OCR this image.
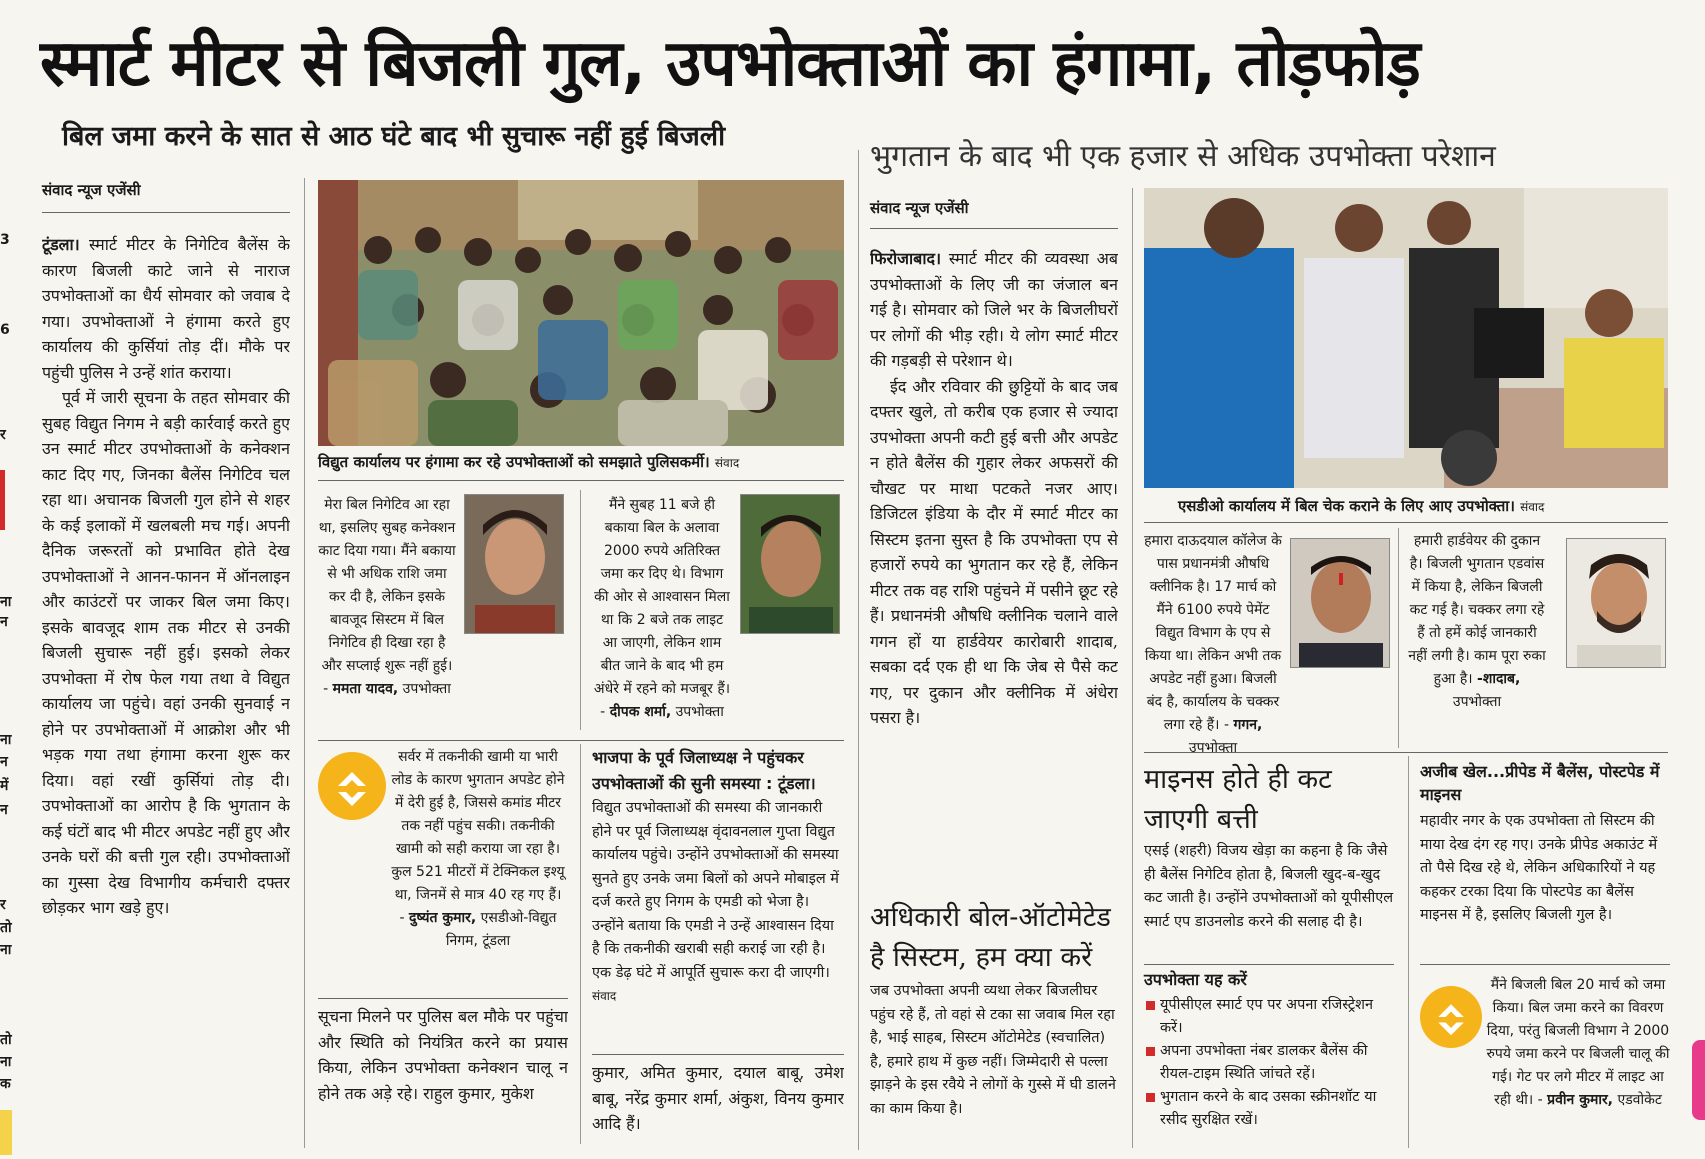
स्मार्ट मीटर से बिजली गुल, उपभोक्ताओं का हंगामा, तोड़फोड़
बिल जमा करने के सात से आठ घंटे बाद भी सुचारू नहीं हुई बिजली
भुगतान के बाद भी एक हजार से अधिक उपभोक्ता परेशान
3
6
र
ना
न
ना
न
में
न
र
तो
ना
तो
ना
क
संवाद न्यूज एजेंसी

टूंडला। स्मार्ट मीटर के निगेटिव बैलेंस के कारण बिजली काटे जाने से नाराज उपभोक्ताओं का धैर्य सोमवार को जवाब दे गया। उपभोक्ताओं ने हंगामा करते हुए कार्यालय की कुर्सियां तोड़ दीं। मौके पर पहुंची पुलिस ने उन्हें शांत कराया।

पूर्व में जारी सूचना के तहत सोमवार की सुबह विद्युत निगम ने बड़ी कार्रवाई करते हुए उन स्मार्ट मीटर उपभोक्ताओं के कनेक्शन काट दिए गए, जिनका बैलेंस निगेटिव चल रहा था। अचानक बिजली गुल होने से शहर के कई इलाकों में खलबली मच गई। अपनी दैनिक जरूरतों को प्रभावित होते देख उपभोक्ताओं ने आनन-फानन में ऑनलाइन और काउंटरों पर जाकर बिल जमा किए। इसके बावजूद शाम तक मीटर से उनकी बिजली सुचारू नहीं हुई। इसको लेकर उपभोक्ता में रोष फेल गया तथा वे विद्युत कार्यालय जा पहुंचे। वहां उनकी सुनवाई न होने पर उपभोक्ताओं में आक्रोश और भी भड़क गया तथा हंगामा करना शुरू कर दिया। वहां रखीं कुर्सियां तोड़ दी। उपभोक्ताओं का आरोप है कि भुगतान के कई घंटों बाद भी मीटर अपडेट नहीं हुए और उनके घरों की बत्ती गुल रही। उपभोक्ताओं का गुस्सा देख विभागीय कर्मचारी दफ्तर छोड़कर भाग खड़े हुए।

विद्युत कार्यालय पर हंगामा कर रहे उपभोक्ताओं को समझाते पुलिसकर्मी। संवाद
मेरा बिल निगेटिव आ रहा था, इसलिए सुबह कनेक्शन काट दिया गया। मैंने बकाया से भी अधिक राशि जमा कर दी है, लेकिन इसके बावजूद सिस्टम में बिल निगेटिव ही दिखा रहा है और सप्लाई शुरू नहीं हुई। - ममता यादव, उपभोक्ता
मैंने सुबह 11 बजे ही बकाया बिल के अलावा 2000 रुपये अतिरिक्त जमा कर दिए थे। विभाग की ओर से आश्वासन मिला था कि 2 बजे तक लाइट आ जाएगी, लेकिन शाम बीत जाने के बाद भी हम अंधेरे में रहने को मजबूर हैं। - दीपक शर्मा, उपभोक्ता
सर्वर में तकनीकी खामी या भारी लोड के कारण भुगतान अपडेट होने में देरी हुई है, जिससे कमांड मीटर तक नहीं पहुंच सकी। तकनीकी खामी को सही कराया जा रहा है। कुल 521 मीटरों में टेक्निकल इश्यू था, जिनमें से मात्र 40 रह गए हैं। - दुष्यंत कुमार, एसडीओ-विद्युत निगम, टूंडला
सूचना मिलने पर पुलिस बल मौके पर पहुंचा और स्थिति को नियंत्रित करने का प्रयास किया, लेकिन उपभोक्ता कनेक्शन चालू न होने तक अड़े रहे। राहुल कुमार, मुकेश
भाजपा के पूर्व जिलाध्यक्ष ने पहुंचकर उपभोक्ताओं की सुनी समस्या : टूंडला। विद्युत उपभोक्ताओं की समस्या की जानकारी होने पर पूर्व जिलाध्यक्ष वृंदावनलाल गुप्ता विद्युत कार्यालय पहुंचे। उन्होंने उपभोक्ताओं की समस्या सुनते हुए उनके जमा बिलों को अपने मोबाइल में दर्ज करते हुए निगम के एमडी को भेजा है। उन्होंने बताया कि एमडी ने उन्हें आश्वासन दिया है कि तकनीकी खराबी सही कराई जा रही है। एक डेढ़ घंटे में आपूर्ति सुचारू करा दी जाएगी। संवाद
कुमार, अमित कुमार, दयाल बाबू, उमेश बाबू, नरेंद्र कुमार शर्मा, अंकुश, विनय कुमार आदि हैं।
संवाद न्यूज एजेंसी

फिरोजाबाद। स्मार्ट मीटर की व्यवस्था अब उपभोक्ताओं के लिए जी का जंजाल बन गई है। सोमवार को जिले भर के बिजलीघरों पर लोगों की भीड़ रही। ये लोग स्मार्ट मीटर की गड़बड़ी से परेशान थे।

ईद और रविवार की छुट्टियों के बाद जब दफ्तर खुले, तो करीब एक हजार से ज्यादा उपभोक्ता अपनी कटी हुई बत्ती और अपडेट न होते बैलेंस की गुहार लेकर अफसरों की चौखट पर माथा पटकते नजर आए। डिजिटल इंडिया के दौर में स्मार्ट मीटर का सिस्टम इतना सुस्त है कि उपभोक्ता एप से हजारों रुपये का भुगतान कर रहे हैं, लेकिन मीटर तक वह राशि पहुंचने में पसीने छूट रहे हैं। प्रधानमंत्री औषधि क्लीनिक चलाने वाले गगन हों या हार्डवेयर कारोबारी शादाब, सबका दर्द एक ही था कि जेब से पैसे कट गए, पर दुकान और क्लीनिक में अंधेरा पसरा है।

अधिकारी बोल-ऑटोमेटेड है सिस्टम, हम क्या करें
जब उपभोक्ता अपनी व्यथा लेकर बिजलीघर पहुंच रहे हैं, तो वहां से टका सा जवाब मिल रहा है, भाई साहब, सिस्टम ऑटोमेटेड (स्वचालित) है, हमारे हाथ में कुछ नहीं। जिम्मेदारी से पल्ला झाड़ने के इस रवैये ने लोगों के गुस्से में घी डालने का काम किया है।
एसडीओ कार्यालय में बिल चेक कराने के लिए आए उपभोक्ता। संवाद
हमारा दाऊदयाल कॉलेज के पास प्रधानमंत्री औषधि क्लीनिक है। 17 मार्च को मैंने 6100 रुपये पेमेंट विद्युत विभाग के एप से किया था। लेकिन अभी तक अपडेट नहीं हुआ। बिजली बंद है, कार्यालय के चक्कर लगा रहे हैं। - गगन, उपभोक्ता
हमारी हार्डवेयर की दुकान है। बिजली भुगतान एडवांस में किया है, लेकिन बिजली कट गई है। चक्कर लगा रहे हैं तो हमें कोई जानकारी नहीं लगी है। काम पूरा रुका हुआ है। -शादाब, उपभोक्ता
माइनस होते ही कट जाएगी बत्ती
एसई (शहरी) विजय खेड़ा का कहना है कि जैसे ही बैलेंस निगेटिव होता है, बिजली खुद-ब-खुद कट जाती है। उन्होंने उपभोक्ताओं को यूपीसीएल स्मार्ट एप डाउनलोड करने की सलाह दी है।
उपभोक्ता यह करें
यूपीसीएल स्मार्ट एप पर अपना रजिस्ट्रेशन करें।
अपना उपभोक्ता नंबर डालकर बैलेंस की रीयल-टाइम स्थिति जांचते रहें।
भुगतान करने के बाद उसका स्क्रीनशॉट या रसीद सुरक्षित रखें।
अजीब खेल...प्रीपेड में बैलेंस, पोस्टपेड में माइनस
महावीर नगर के एक उपभोक्ता तो सिस्टम की माया देख दंग रह गए। उनके प्रीपेड अकाउंट में तो पैसे दिख रहे थे, लेकिन अधिकारियों ने यह कहकर टरका दिया कि पोस्टपेड का बैलेंस माइनस में है, इसलिए बिजली गुल है।
मैंने बिजली बिल 20 मार्च को जमा किया। बिल जमा करने का विवरण दिया, परंतु बिजली विभाग ने 2000 रुपये जमा करने पर बिजली चालू की गई। गेट पर लगे मीटर में लाइट आ रही थी। - प्रवीन कुमार, एडवोकेट
